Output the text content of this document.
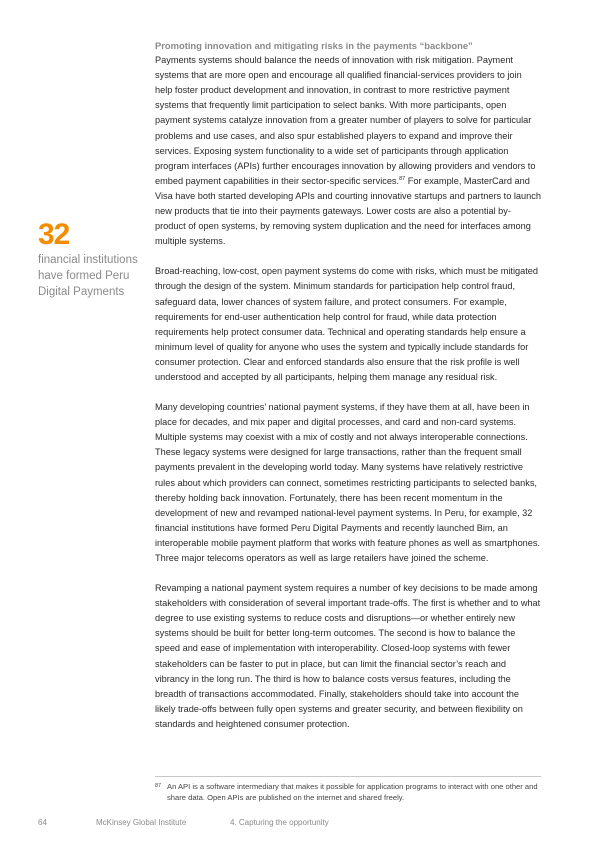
Promoting innovation and mitigating risks in the payments “backbone”

Payments systems should balance the needs of innovation with risk mitigation. Payment systems that are more open and encourage all qualified financial-services providers to join help foster product development and innovation, in contrast to more restrictive payment systems that frequently limit participation to select banks. With more participants, open payment systems catalyze innovation from a greater number of players to solve for particular problems and use cases, and also spur established players to expand and improve their services. Exposing system functionality to a wide set of participants through application program interfaces (APIs) further encourages innovation by allowing providers and vendors to embed payment capabilities in their sector-specific services.$^{87}$ For example, MasterCard and Visa have both started developing APIs and courting innovative startups and partners to launch new products that tie into their payments gateways. Lower costs are also a potential by-product of open systems, by removing system duplication and the need for interfaces among multiple systems.

Broad-reaching, low-cost, open payment systems do come with risks, which must be mitigated through the design of the system. Minimum standards for participation help control fraud, safeguard data, lower chances of system failure, and protect consumers. For example, requirements for end-user authentication help control for fraud, while data protection requirements help protect consumer data. Technical and operating standards help ensure a minimum level of quality for anyone who uses the system and typically include standards for consumer protection. Clear and enforced standards also ensure that the risk profile is well understood and accepted by all participants, helping them manage any residual risk.

Many developing countries’ national payment systems, if they have them at all, have been in place for decades, and mix paper and digital processes, and card and non-card systems. Multiple systems may coexist with a mix of costly and not always interoperable connections. These legacy systems were designed for large transactions, rather than the frequent small payments prevalent in the developing world today. Many systems have relatively restrictive rules about which providers can connect, sometimes restricting participants to selected banks, thereby holding back innovation. Fortunately, there has been recent momentum in the development of new and revamped national-level payment systems. In Peru, for example, 32 financial institutions have formed Peru Digital Payments and recently launched Bim, an interoperable mobile payment platform that works with feature phones as well as smartphones. Three major telecoms operators as well as large retailers have joined the scheme.

Revamping a national payment system requires a number of key decisions to be made among stakeholders with consideration of several important trade-offs. The first is whether and to what degree to use existing systems to reduce costs and disruptions—or whether entirely new systems should be built for better long-term outcomes. The second is how to balance the speed and ease of implementation with interoperability. Closed-loop systems with fewer stakeholders can be faster to put in place, but can limit the financial sector’s reach and vibrancy in the long run. The third is how to balance costs versus features, including the breadth of transactions accommodated. Finally, stakeholders should take into account the likely trade-offs between fully open systems and greater security, and between flexibility on standards and heightened consumer protection.

32
financial institutions have formed Peru Digital Payments
87 An API is a software intermediary that makes it possible for application programs to interact with one other and share data. Open APIs are published on the internet and shared freely.
64	McKinsey Global Institute	4. Capturing the opportunity
